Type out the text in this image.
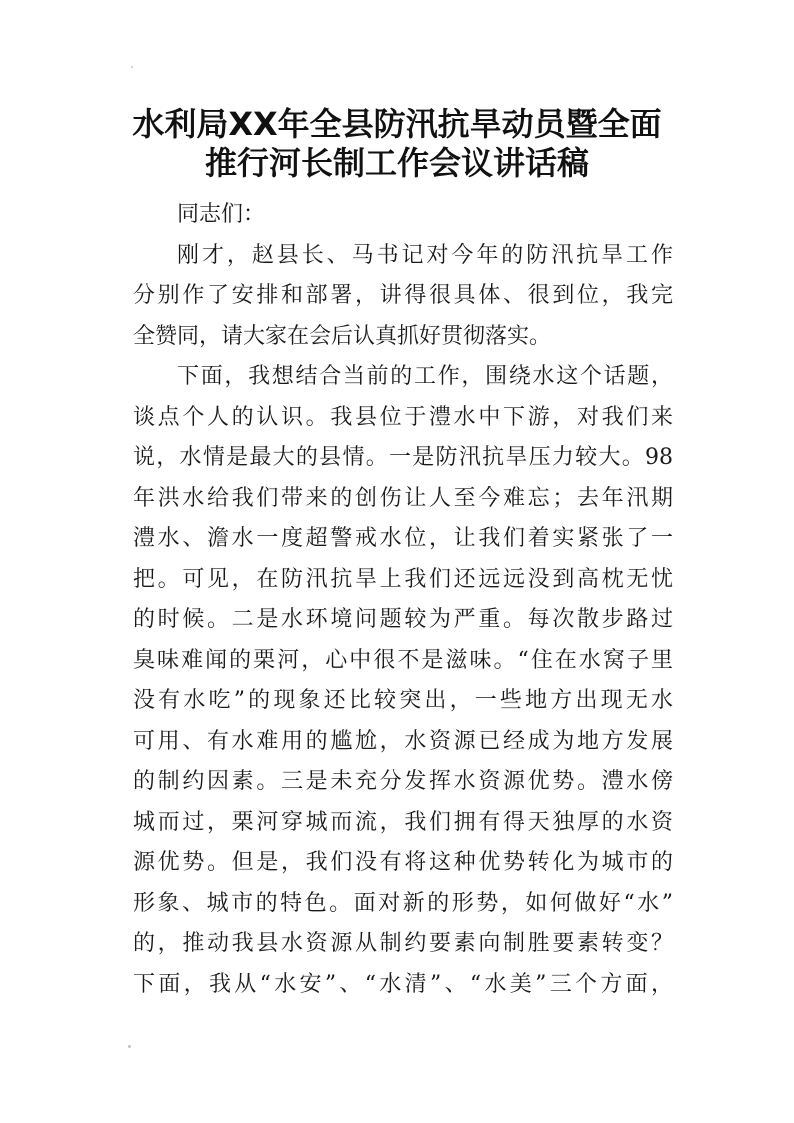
水利局XX年全县防汛抗旱动员暨全面
推行河长制工作会议讲话稿
同志们：
刚才，赵县长、马书记对今年的防汛抗旱工作
分别作了安排和部署，讲得很具体、很到位，我完
全赞同，请大家在会后认真抓好贯彻落实。
下面，我想结合当前的工作，围绕水这个话题，
谈点个人的认识。我县位于澧水中下游，对我们来
说，水情是最大的县情。一是防汛抗旱压力较大。98
年洪水给我们带来的创伤让人至今难忘；去年汛期
澧水、澹水一度超警戒水位，让我们着实紧张了一
把。可见，在防汛抗旱上我们还远远没到高枕无忧
的时候。二是水环境问题较为严重。每次散步路过
臭味难闻的栗河，心中很不是滋味。“住在水窝子里
没有水吃”的现象还比较突出，一些地方出现无水
可用、有水难用的尴尬，水资源已经成为地方发展
的制约因素。三是未充分发挥水资源优势。澧水傍
城而过，栗河穿城而流，我们拥有得天独厚的水资
源优势。但是，我们没有将这种优势转化为城市的
形象、城市的特色。面对新的形势，如何做好“水”
的，推动我县水资源从制约要素向制胜要素转变？
下面，我从“水安”、“水清”、“水美”三个方面，
